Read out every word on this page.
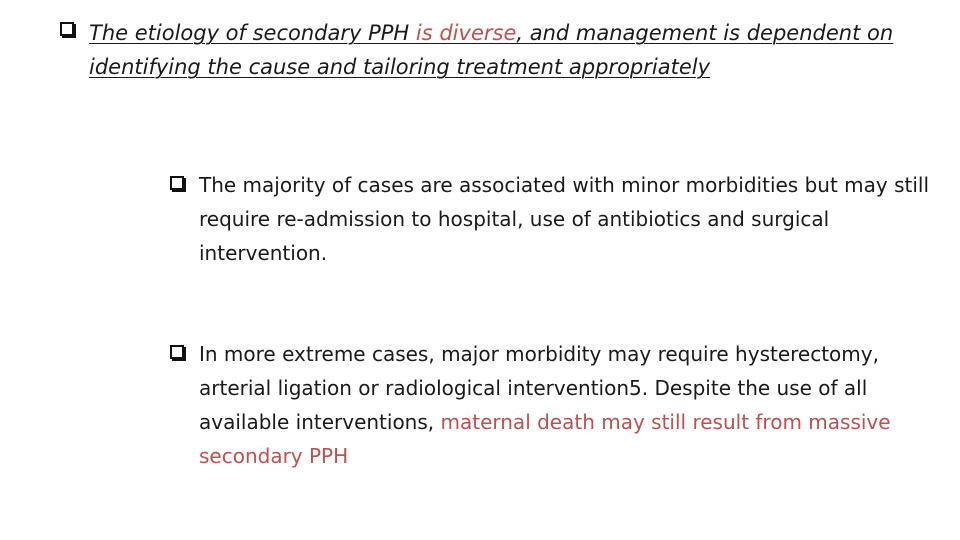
The etiology of secondary PPH is diverse, and management is dependent on identifying the cause and tailoring treatment appropriately
The majority of cases are associated with minor morbidities but may still require re-admission to hospital, use of antibiotics and surgical intervention.
In more extreme cases, major morbidity may require hysterectomy, arterial ligation or radiological intervention5. Despite the use of all available interventions, maternal death may still result from massive secondary PPH
